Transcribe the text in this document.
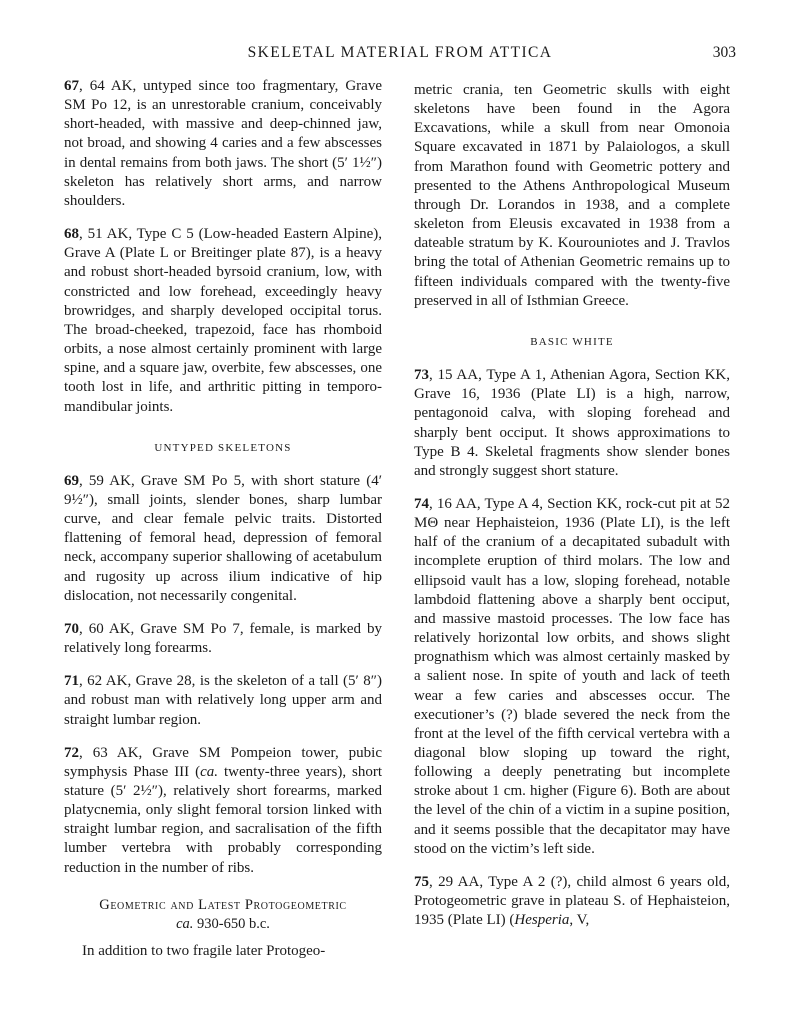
SKELETAL MATERIAL FROM ATTICA	303

67, 64 AK, untyped since too fragmentary, Grave SM Po 12, is an unrestorable cranium, conceivably short-headed, with massive and deep-chinned jaw, not broad, and showing 4 caries and a few abscesses in dental remains from both jaws. The short (5′ 1½″) skeleton has relatively short arms, and narrow shoulders.

68, 51 AK, Type C 5 (Low-headed Eastern Alpine), Grave A (Plate L or Breitinger plate 87), is a heavy and robust short-headed byrsoid cranium, low, with constricted and low forehead, exceedingly heavy browridges, and sharply developed occipital torus. The broad-cheeked, trapezoid, face has rhomboid orbits, a nose almost certainly prominent with large spine, and a square jaw, overbite, few abscesses, one tooth lost in life, and arthritic pitting in temporo-mandibular joints.

UNTYPED SKELETONS

69, 59 AK, Grave SM Po 5, with short stature (4′ 9½″), small joints, slender bones, sharp lumbar curve, and clear female pelvic traits. Distorted flattening of femoral head, depression of femoral neck, accompany superior shallowing of acetabulum and rugosity up across ilium indicative of hip dislocation, not necessarily congenital.

70, 60 AK, Grave SM Po 7, female, is marked by relatively long forearms.

71, 62 AK, Grave 28, is the skeleton of a tall (5′ 8″) and robust man with relatively long upper arm and straight lumbar region.

72, 63 AK, Grave SM Pompeion tower, pubic symphysis Phase III (ca. twenty-three years), short stature (5′ 2½″), relatively short forearms, marked platycnemia, only slight femoral torsion linked with straight lumbar region, and sacralisation of the fifth lumber vertebra with probably corresponding reduction in the number of ribs.

Geometric and Latest Protogeometric
ca. 930-650 b.c.

In addition to two fragile later Protogeo-

metric crania, ten Geometric skulls with eight skeletons have been found in the Agora Excavations, while a skull from near Omonoia Square excavated in 1871 by Palaiologos, a skull from Marathon found with Geometric pottery and presented to the Athens Anthropological Museum through Dr. Lorandos in 1938, and a complete skeleton from Eleusis excavated in 1938 from a dateable stratum by K. Kourouniotes and J. Travlos bring the total of Athenian Geometric remains up to fifteen individuals compared with the twenty-five preserved in all of Isthmian Greece.

BASIC WHITE

73, 15 AA, Type A 1, Athenian Agora, Section KK, Grave 16, 1936 (Plate LI) is a high, narrow, pentagonoid calva, with sloping forehead and sharply bent occiput. It shows approximations to Type B 4. Skeletal fragments show slender bones and strongly suggest short stature.

74, 16 AA, Type A 4, Section KK, rock-cut pit at 52 MΘ near Hephaisteion, 1936 (Plate LI), is the left half of the cranium of a decapitated subadult with incomplete eruption of third molars. The low and ellipsoid vault has a low, sloping forehead, notable lambdoid flattening above a sharply bent occiput, and massive mastoid processes. The low face has relatively horizontal low orbits, and shows slight prognathism which was almost certainly masked by a salient nose. In spite of youth and lack of teeth wear a few caries and abscesses occur. The executioner’s (?) blade severed the neck from the front at the level of the fifth cervical vertebra with a diagonal blow sloping up toward the right, following a deeply penetrating but incomplete stroke about 1 cm. higher (Figure 6). Both are about the level of the chin of a victim in a supine position, and it seems possible that the decapitator may have stood on the victim’s left side.

75, 29 AA, Type A 2 (?), child almost 6 years old, Protogeometric grave in plateau S. of Hephaisteion, 1935 (Plate LI) (Hesperia, V,
